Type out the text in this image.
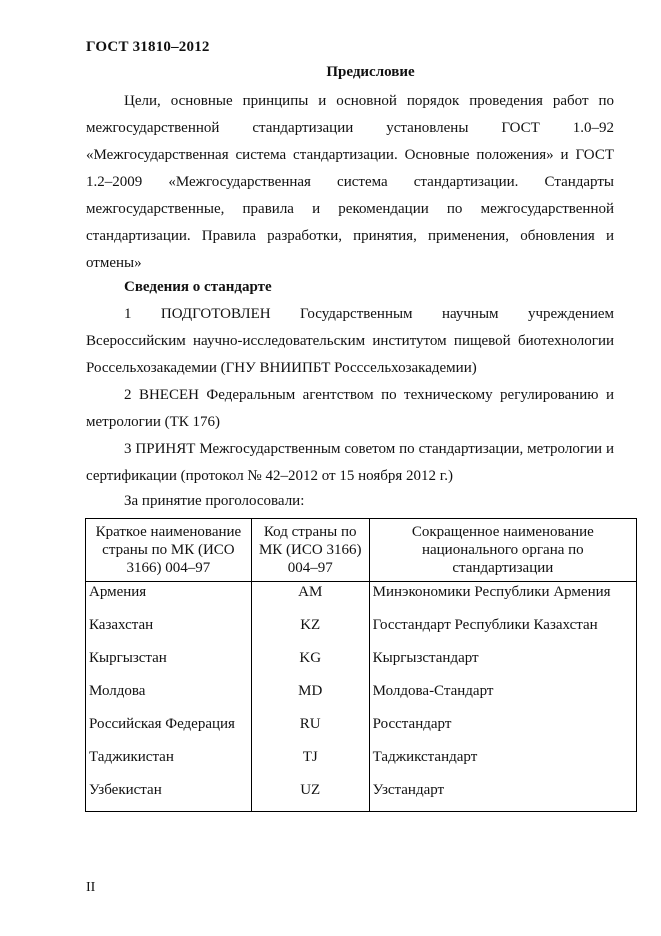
ГОСТ 31810–2012
Предисловие
Цели, основные принципы и основной порядок проведения работ по межгосударственной стандартизации установлены ГОСТ 1.0–92 «Межгосударственная система стандартизации. Основные положения» и ГОСТ 1.2–2009 «Межгосударственная система стандартизации. Стандарты межгосударственные, правила и рекомендации по межгосударственной стандартизации. Правила разработки, принятия, применения, обновления и отмены»
Сведения о стандарте
1 ПОДГОТОВЛЕН Государственным научным учреждением Всероссийским научно-исследовательским институтом пищевой биотехнологии Россельхозакадемии (ГНУ ВНИИПБТ Росссельхозакадемии)
2 ВНЕСЕН Федеральным агентством по техническому регулированию и метрологии (ТК 176)
3 ПРИНЯТ Межгосударственным советом по стандартизации, метрологии и сертификации (протокол № 42–2012 от 15 ноября 2012 г.)
За принятие проголосовали:
Краткое наименование страны по МК (ИСО 3166) 004–97	Код страны по МК (ИСО 3166) 004–97	Сокращенное наименование национального органа по стандартизации
Армения	AM	Минэкономики Республики Армения
Казахстан	KZ	Госстандарт Республики Казахстан
Кыргызстан	KG	Кыргызстандарт
Молдова	MD	Молдова-Стандарт
Российская Федерация	RU	Росстандарт
Таджикистан	TJ	Таджикстандарт
Узбекистан	UZ	Узстандарт
II
